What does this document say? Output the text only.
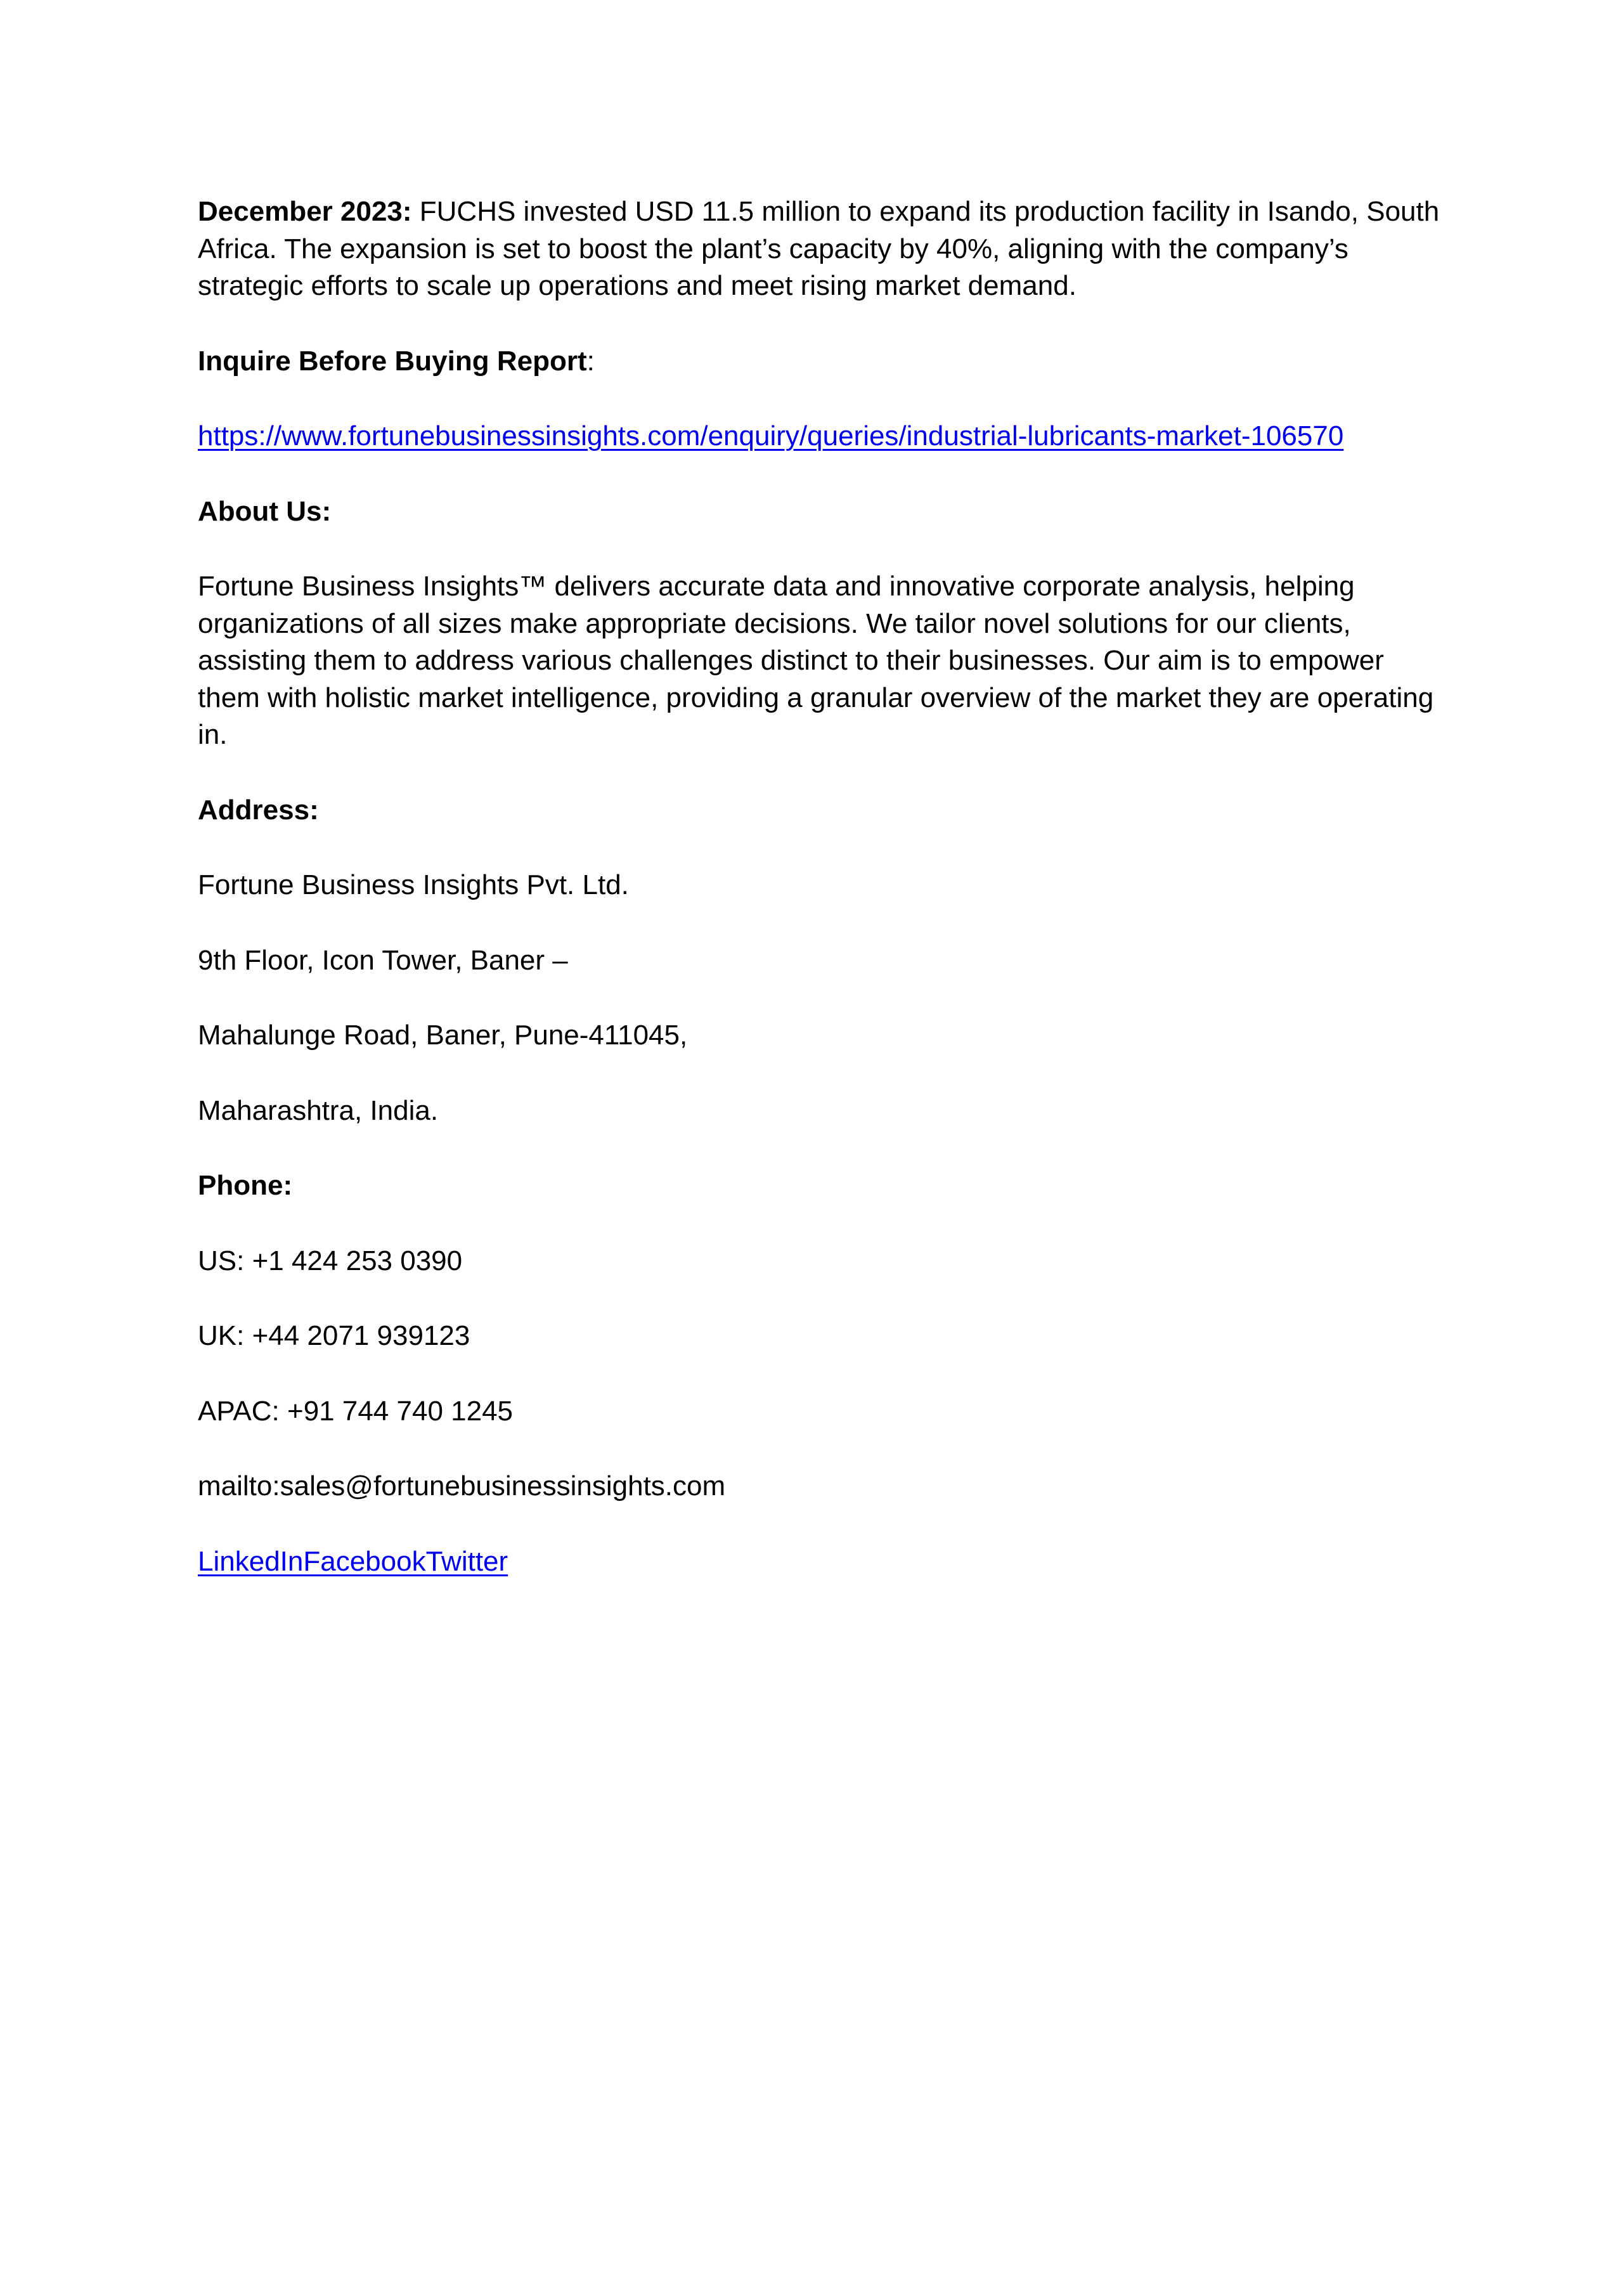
December 2023: FUCHS invested USD 11.5 million to expand its production facility in Isando, South Africa. The expansion is set to boost the plant’s capacity by 40%, aligning with the company’s strategic efforts to scale up operations and meet rising market demand.

Inquire Before Buying Report:

https://www.fortunebusinessinsights.com/enquiry/queries/industrial-lubricants-market-106570

About Us:

Fortune Business Insights™ delivers accurate data and innovative corporate analysis, helping organizations of all sizes make appropriate decisions. We tailor novel solutions for our clients, assisting them to address various challenges distinct to their businesses. Our aim is to empower them with holistic market intelligence, providing a granular overview of the market they are operating in.

Address:

Fortune Business Insights Pvt. Ltd.

9th Floor, Icon Tower, Baner –

Mahalunge Road, Baner, Pune-411045,

Maharashtra, India.

Phone:

US: +1 424 253 0390

UK: +44 2071 939123

APAC: +91 744 740 1245

mailto:sales@fortunebusinessinsights.com

LinkedInFacebookTwitter
